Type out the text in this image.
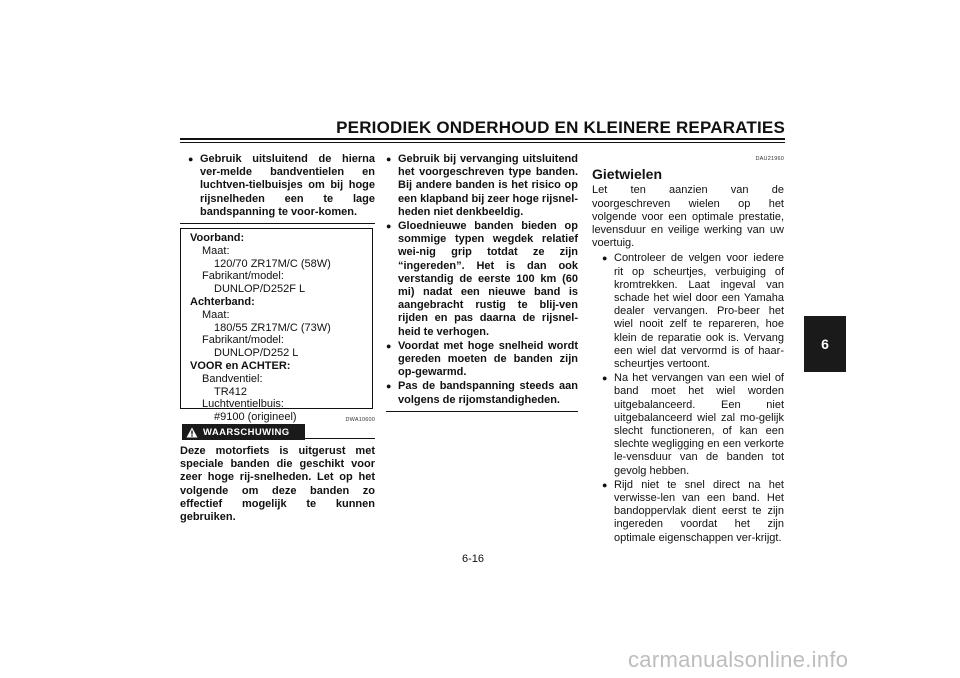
PERIODIEK ONDERHOUD EN KLEINERE REPARATIES
6
● Gebruik uitsluitend de hierna ver-melde bandventielen en luchtven-tielbuisjes om bij hoge rijsnelheden een te lage bandspanning te voor-komen.
Voorband:
Maat:
120/70 ZR17M/C (58W)
Fabrikant/model:
DUNLOP/D252F L
Achterband:
Maat:
180/55 ZR17M/C (73W)
Fabrikant/model:
DUNLOP/D252 L
VOOR en ACHTER:
Bandventiel:
TR412
Luchtventielbuis:
#9100 (origineel)	DWA10600
WAARSCHUWING
Deze motorfiets is uitgerust met speciale banden die geschikt voor zeer hoge rij-snelheden. Let op het volgende om deze banden zo effectief mogelijk te kunnen gebruiken.
● Gebruik bij vervanging uitsluitend het voorgeschreven type banden. Bij andere banden is het risico op een klapband bij zeer hoge rijsnel-heden niet denkbeeldig.
● Gloednieuwe banden bieden op sommige typen wegdek relatief wei-nig grip totdat ze zijn “ingereden”. Het is dan ook verstandig de eerste 100 km (60 mi) nadat een nieuwe band is aangebracht rustig te blij-ven rijden en pas daarna de rijsnel-heid te verhogen.
● Voordat met hoge snelheid wordt gereden moeten de banden zijn op-gewarmd.
● Pas de bandspanning steeds aan volgens de rijomstandigheden.
DAU21960
Gietwielen
Let ten aanzien van de voorgeschreven wielen op het volgende voor een optimale prestatie, levensduur en veilige werking van uw voertuig.
● Controleer de velgen voor iedere rit op scheurtjes, verbuiging of kromtrekken. Laat ingeval van schade het wiel door een Yamaha dealer vervangen. Pro-beer het wiel nooit zelf te repareren, hoe klein de reparatie ook is. Vervang een wiel dat vervormd is of haar-scheurtjes vertoont.
● Na het vervangen van een wiel of band moet het wiel worden uitgebalanceerd. Een niet uitgebalanceerd wiel zal mo-gelijk slecht functioneren, of kan een slechte wegligging en een verkorte le-vensduur van de banden tot gevolg hebben.
● Rijd niet te snel direct na het verwisse-len van een band. Het bandoppervlak dient eerst te zijn ingereden voordat het zijn optimale eigenschappen ver-krijgt.
6-16
carmanualsonline.info
